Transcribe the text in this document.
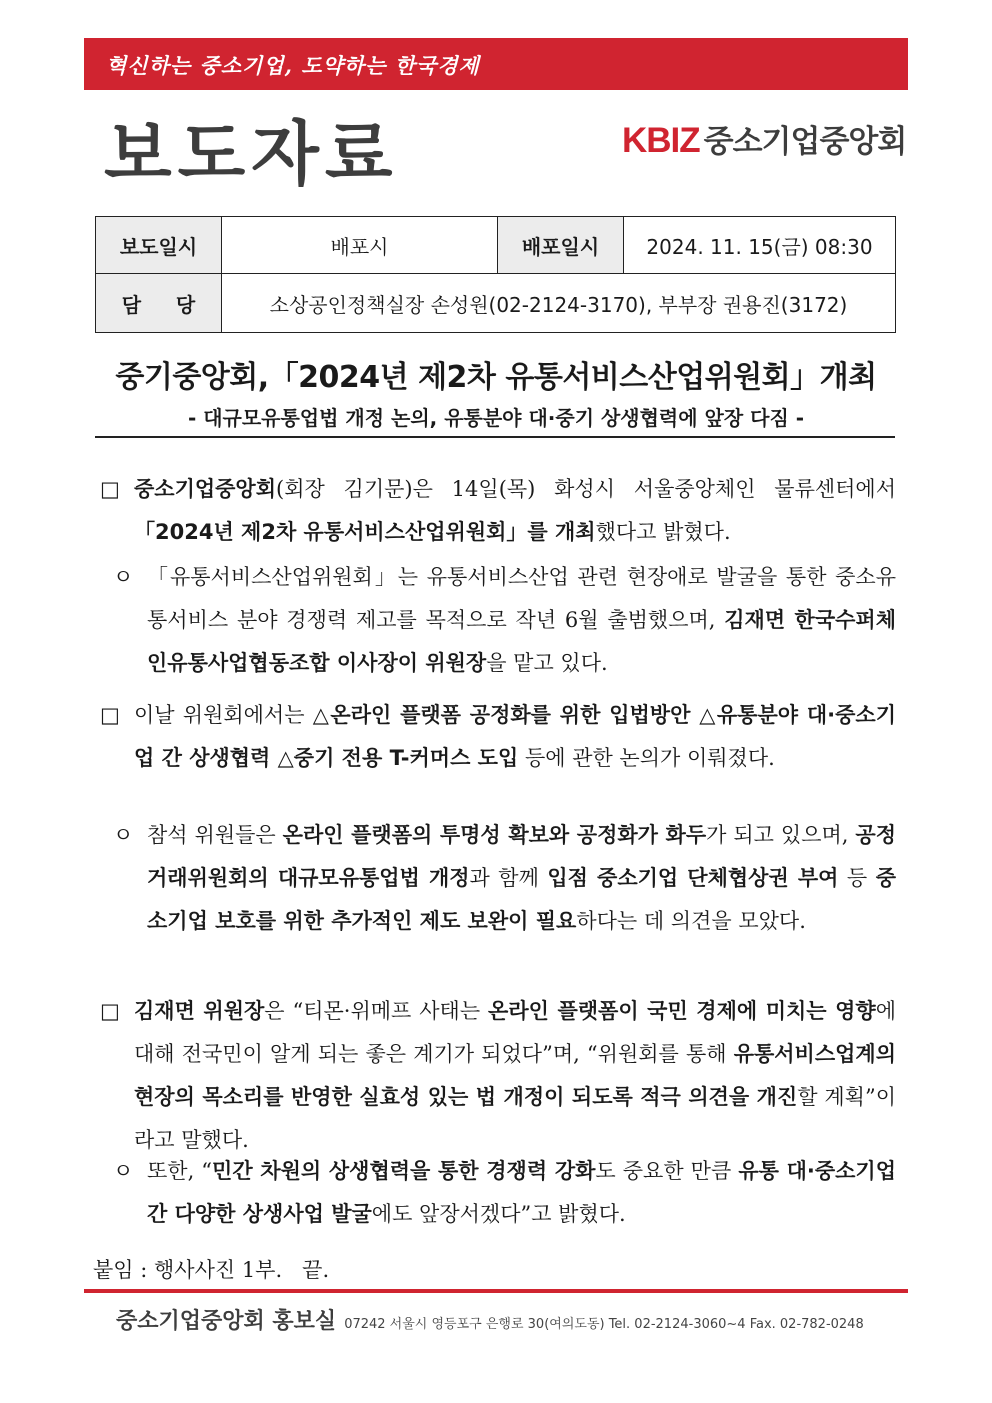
혁신하는 중소기업, 도약하는 한국경제
보도자료	KBIZ 중소기업중앙회
보도일시	배포시	배포일시	2024. 11. 15(금) 08:30
담     당	소상공인정책실장 손성원(02-2124-3170), 부부장 권용진(3172)		
중기중앙회,「2024년 제2차 유통서비스산업위원회」개최
- 대규모유통업법 개정 논의, 유통분야 대·중기 상생협력에 앞장 다짐 -
□ 중소기업중앙회(회장 김기문)은 14일(목) 화성시 서울중앙체인 물류센터에서 「2024년 제2차 유통서비스산업위원회」를 개최했다고 밝혔다.
ㅇ 「유통서비스산업위원회」는 유통서비스산업 관련 현장애로 발굴을 통한 중소유통서비스 분야 경쟁력 제고를 목적으로 작년 6월 출범했으며, 김재면 한국수퍼체인유통사업협동조합 이사장이 위원장을 맡고 있다.
□ 이날 위원회에서는 △온라인 플랫폼 공정화를 위한 입법방안 △유통분야 대·중소기업 간 상생협력 △중기 전용 T-커머스 도입 등에 관한 논의가 이뤄졌다.
ㅇ 참석 위원들은 온라인 플랫폼의 투명성 확보와 공정화가 화두가 되고 있으며, 공정거래위원회의 대규모유통업법 개정과 함께 입점 중소기업 단체협상권 부여 등 중소기업 보호를 위한 추가적인 제도 보완이 필요하다는 데 의견을 모았다.
□ 김재면 위원장은 “티몬·위메프 사태는 온라인 플랫폼이 국민 경제에 미치는 영향에 대해 전국민이 알게 되는 좋은 계기가 되었다”며, “위원회를 통해 유통서비스업계의 현장의 목소리를 반영한 실효성 있는 법 개정이 되도록 적극 의견을 개진할 계획”이라고 말했다.
ㅇ 또한, “민간 차원의 상생협력을 통한 경쟁력 강화도 중요한 만큼 유통 대·중소기업 간 다양한 상생사업 발굴에도 앞장서겠다”고 밝혔다.
붙임 : 행사사진 1부.   끝.
중소기업중앙회 홍보실 07242 서울시 영등포구 은행로 30(여의도동) Tel. 02-2124-3060~4 Fax. 02-782-0248
